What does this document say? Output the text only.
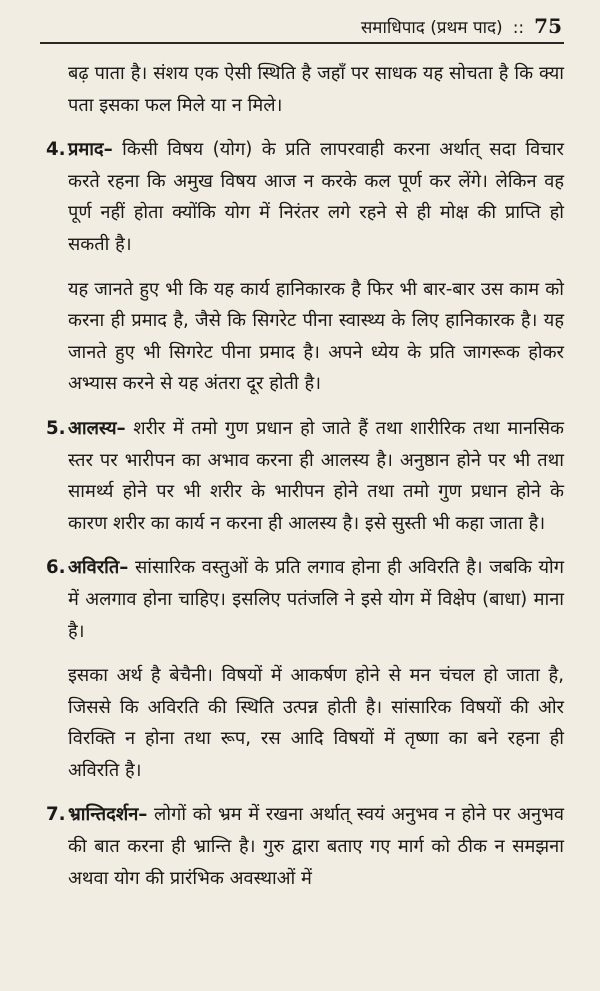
समाधिपाद (प्रथम पाद) :: 75

बढ़ पाता है। संशय एक ऐसी स्थिति है जहाँ पर साधक यह सोचता है कि क्या पता इसका फल मिले या न मिले।

4. प्रमाद– किसी विषय (योग) के प्रति लापरवाही करना अर्थात् सदा विचार करते रहना कि अमुख विषय आज न करके कल पूर्ण कर लेंगे। लेकिन वह पूर्ण नहीं होता क्योंकि योग में निरंतर लगे रहने से ही मोक्ष की प्राप्ति हो सकती है।

यह जानते हुए भी कि यह कार्य हानिकारक है फिर भी बार-बार उस काम को करना ही प्रमाद है, जैसे कि सिगरेट पीना स्वास्थ्य के लिए हानिकारक है। यह जानते हुए भी सिगरेट पीना प्रमाद है। अपने ध्येय के प्रति जागरूक होकर अभ्यास करने से यह अंतरा दूर होती है।

5. आलस्य– शरीर में तमो गुण प्रधान हो जाते हैं तथा शारीरिक तथा मानसिक स्तर पर भारीपन का अभाव करना ही आलस्य है। अनुष्ठान होने पर भी तथा सामर्थ्य होने पर भी शरीर के भारीपन होने तथा तमो गुण प्रधान होने के कारण शरीर का कार्य न करना ही आलस्य है। इसे सुस्ती भी कहा जाता है।

6. अविरति– सांसारिक वस्तुओं के प्रति लगाव होना ही अविरति है। जबकि योग में अलगाव होना चाहिए। इसलिए पतंजलि ने इसे योग में विक्षेप (बाधा) माना है।

इसका अर्थ है बेचैनी। विषयों में आकर्षण होने से मन चंचल हो जाता है, जिससे कि अविरति की स्थिति उत्पन्न होती है। सांसारिक विषयों की ओर विरक्ति न होना तथा रूप, रस आदि विषयों में तृष्णा का बने रहना ही अविरति है।

7. भ्रान्तिदर्शन– लोगों को भ्रम में रखना अर्थात् स्वयं अनुभव न होने पर अनुभव की बात करना ही भ्रान्ति है। गुरु द्वारा बताए गए मार्ग को ठीक न समझना अथवा योग की प्रारंभिक अवस्थाओं में
